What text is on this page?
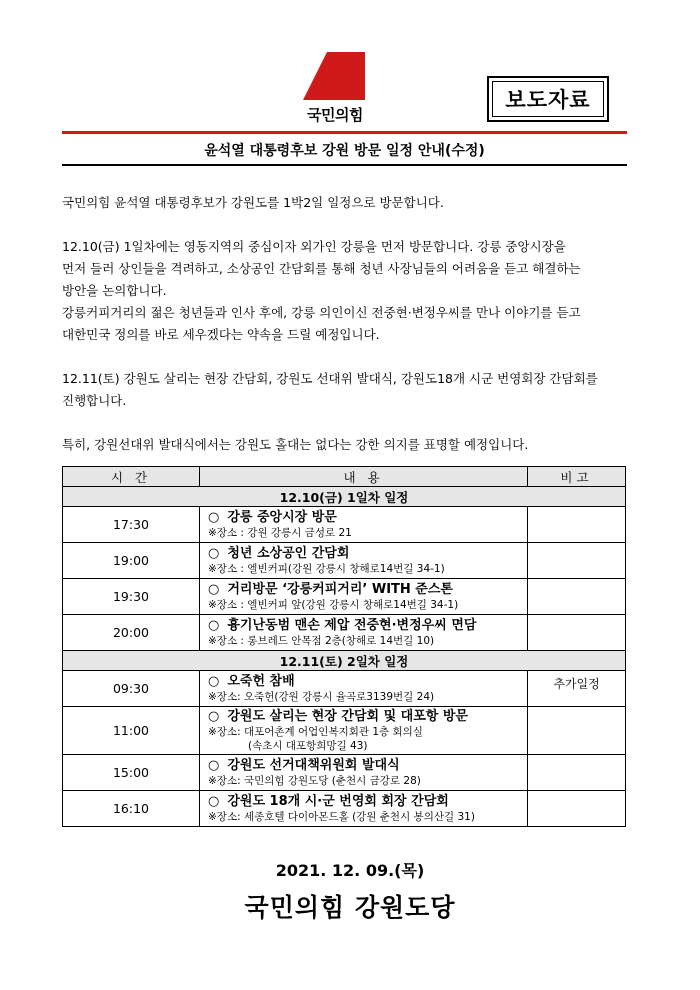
국민의힘
보도자료
윤석열 대통령후보 강원 방문 일정 안내(수정)

국민의힘 윤석열 대통령후보가 강원도를 1박2일 일정으로 방문합니다.

12.10(금) 1일차에는 영동지역의 중심이자 외가인 강릉을 먼저 방문합니다. 강릉 중앙시장을

먼저 들러 상인들을 격려하고, 소상공인 간담회를 통해 청년 사장님들의 어려움을 듣고 해결하는

방안을 논의합니다.

강릉커피거리의 젊은 청년들과 인사 후에, 강릉 의인이신 전중현·변정우씨를 만나 이야기를 듣고

대한민국 정의를 바로 세우겠다는 약속을 드릴 예정입니다.

12.11(토) 강원도 살리는 현장 간담회, 강원도 선대위 발대식, 강원도18개 시군 번영회장 간담회를

진행합니다.

특히, 강원선대위 발대식에서는 강원도 홀대는 없다는 강한 의지를 표명할 예정입니다.

시 간	내 용	비고
12.10(금) 1일차 일정		
17:30	○ 강릉 중앙시장 방문
※장소 : 강원 강릉시 금성로 21	

19:00	○ 청년 소상공인 간담회
※장소 : 엘빈커피(강원 강릉시 창해로14번길 34-1)	

19:30	○ 거리방문 ‘강릉커피거리’ WITH 준스톤
※장소 : 엘빈커피 앞(강원 강릉시 창해로14번길 34-1)	

20:00	○ 흉기난동범 맨손 제압 전중현·변정우씨 면담
※장소 : 롱브레드 안목점 2층(창해로 14번길 10)	

12.11(토) 2일차 일정		
09:30	○ 오죽헌 참배
※장소: 오죽헌(강원 강릉시 율곡로3139번길 24)	추가일정
11:00	○ 강원도 살리는 현장 간담회 및 대포항 방문
※장소: 대포어촌계 어업인복지회관 1층 회의실
(속초시 대포항희망길 43)	

15:00	○ 강원도 선거대책위원회 발대식
※장소: 국민의힘 강원도당 (춘천시 금강로 28)	

16:10	○ 강원도 18개 시·군 번영회 회장 간담회
※장소: 세종호텔 다이아몬드홀 (강원 춘천시 봉의산길 31)	

2021. 12. 09.(목)
국민의힘 강원도당
